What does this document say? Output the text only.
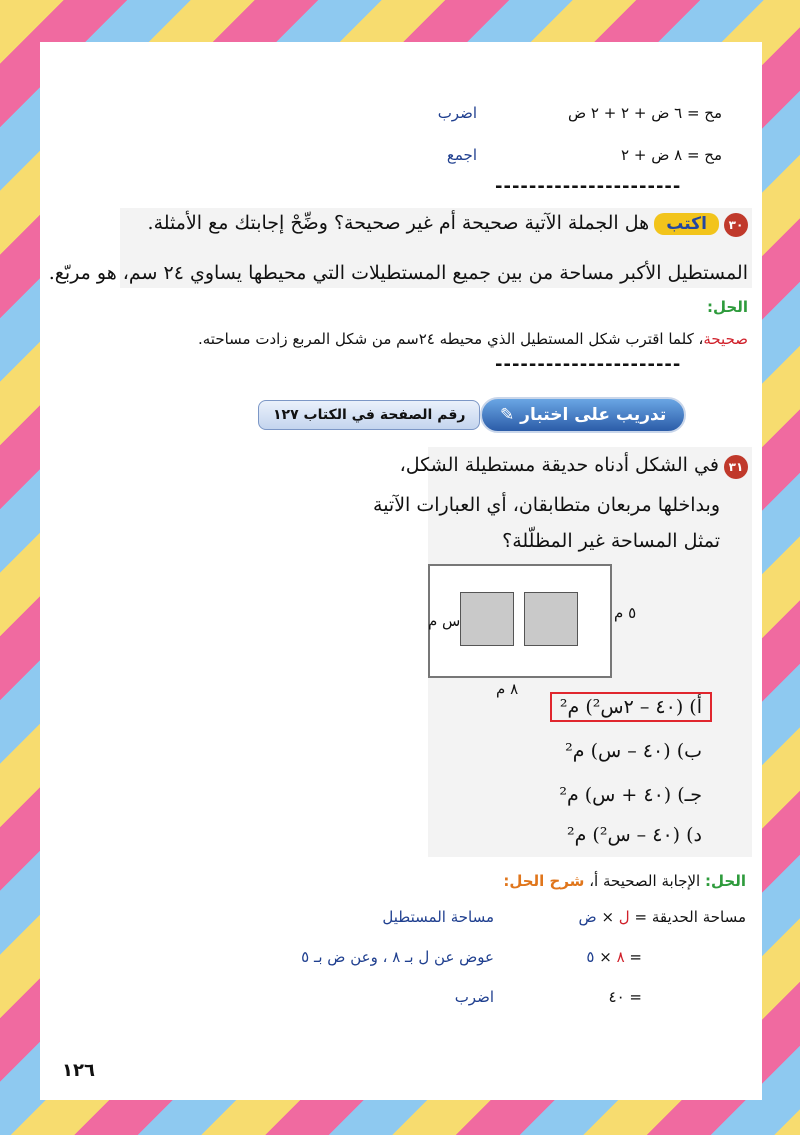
مح = ٦ ض + ٢ + ٢ ض
اضرب
مح = ٨ ض + ٢
اجمع
----------------------
٣٠ اكتب هل الجملة الآتية صحيحة أم غير صحيحة؟ وضِّحْ إجابتك مع الأمثلة.
المستطيل الأكبر مساحة من بين جميع المستطيلات التي محيطها يساوي ٢٤ سم، هو مربّع.
الحل:
صحيحة، كلما اقترب شكل المستطيل الذي محيطه ٢٤سم من شكل المربع زادت مساحته.
----------------------
✎ تدريب على اختبار
رقم الصفحة في الكتاب ١٢٧
٣١ في الشكل أدناه حديقة مستطيلة الشكل،
وبداخلها مربعان متطابقان، أي العبارات الآتية
تمثل المساحة غير المظلّلة؟
س م	٥ م
٨ م
أ) (٤٠ – ٢س²) م²
ب) (٤٠ – س) م²
جـ) (٤٠ + س) م²
د) (٤٠ – س²) م²
الحل: الإجابة الصحيحة أ، شرح الحل:
مساحة الحديقة = ل × ض
مساحة المستطيل
= ٨ × ٥
عوض عن ل بـ ٨ ، وعن ض بـ ٥
= ٤٠
اضرب
١٢٦
